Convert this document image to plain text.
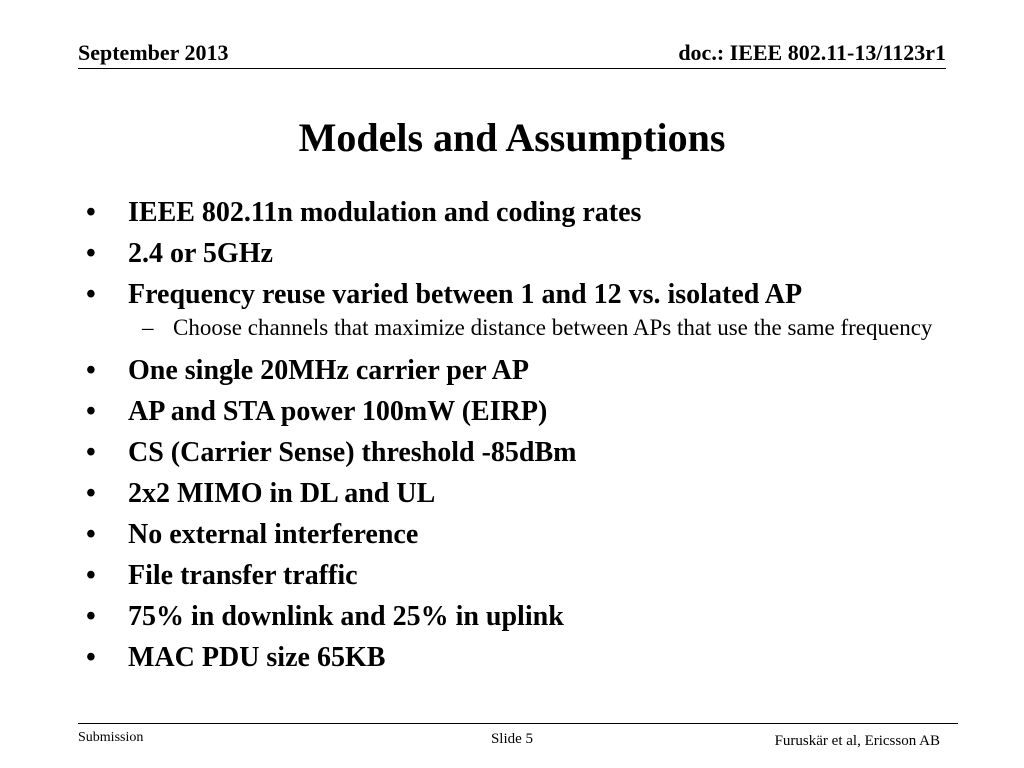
September 2013	doc.: IEEE 802.11-13/1123r1
Models and Assumptions
• IEEE 802.11n modulation and coding rates
• 2.4 or 5GHz
• Frequency reuse varied between 1 and 12 vs. isolated AP
– Choose channels that maximize distance between APs that use the same frequency
• One single 20MHz carrier per AP
• AP and STA power 100mW (EIRP)
• CS (Carrier Sense) threshold -85dBm
• 2x2 MIMO in DL and UL
• No external interference
• File transfer traffic
• 75% in downlink and 25% in uplink
• MAC PDU size 65KB
Submission	Slide 5	Furuskär et al, Ericsson AB
